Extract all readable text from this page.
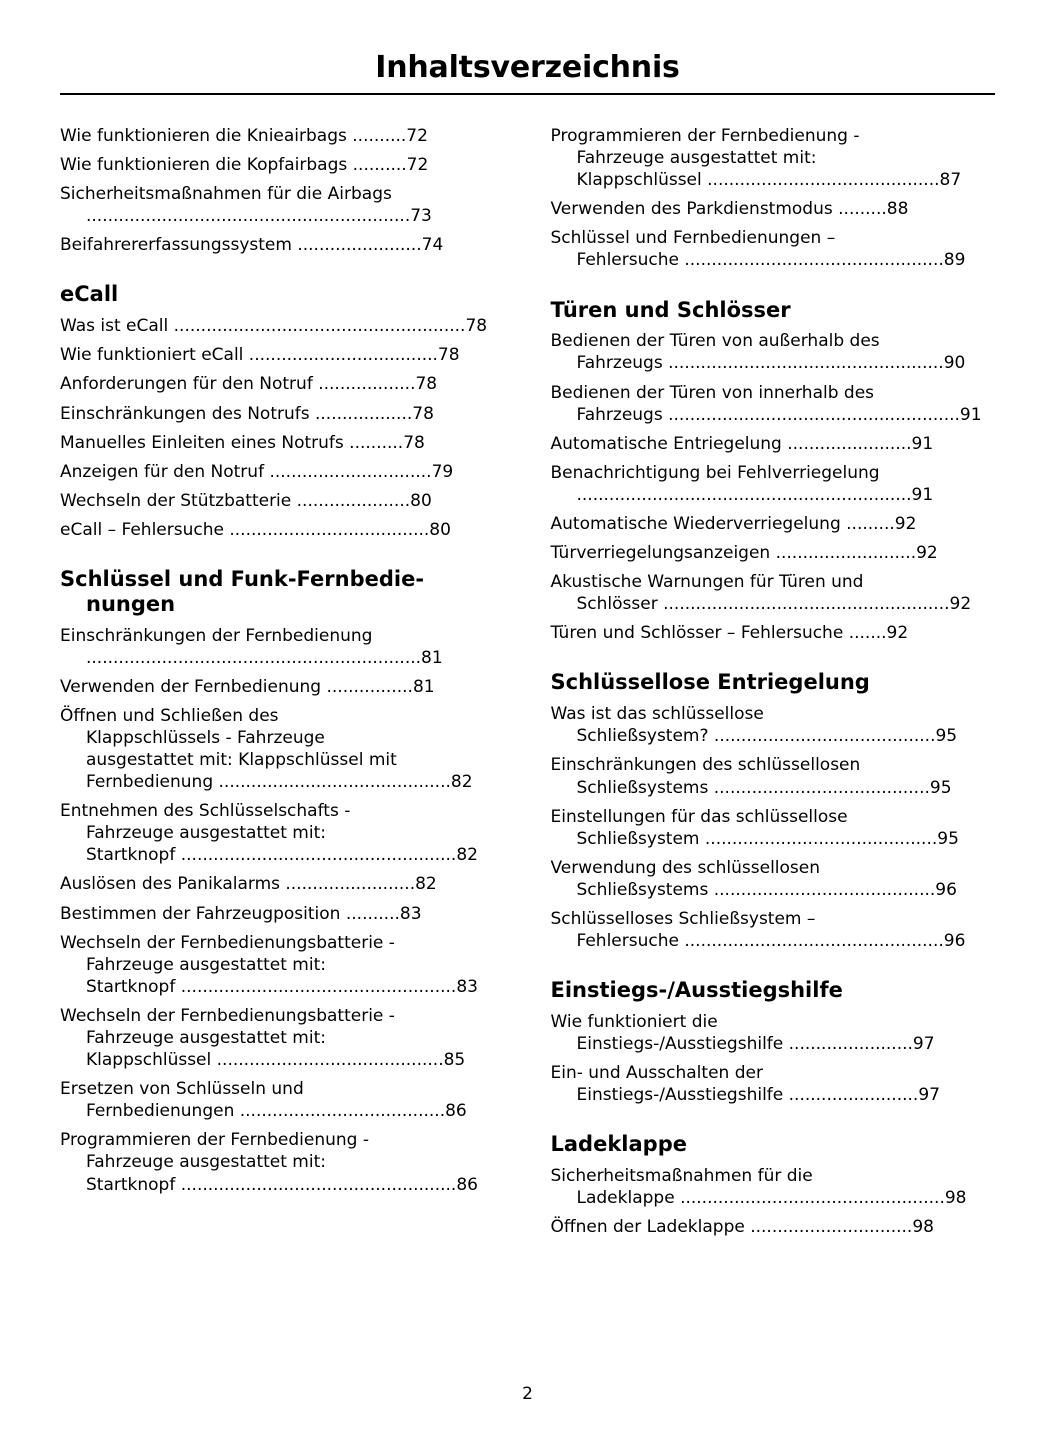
Inhaltsverzeichnis
Wie funktionieren die Knieairbags ..........72
Wie funktionieren die Kopfairbags ..........72
Sicherheitsmaßnahmen für die Airbags
............................................................73
Beifahrererfassungssystem .......................74
eCall
Was ist eCall ......................................................78
Wie funktioniert eCall ...................................78
Anforderungen für den Notruf ..................78
Einschränkungen des Notrufs ..................78
Manuelles Einleiten eines Notrufs ..........78
Anzeigen für den Notruf ..............................79
Wechseln der Stützbatterie .....................80
eCall – Fehlersuche .....................................80
Schlüssel und Funk-Fernbedie-
nungen
Einschränkungen der Fernbedienung
..............................................................81
Verwenden der Fernbedienung ................81
Öffnen und Schließen des
Klappschlüssels - Fahrzeuge
ausgestattet mit: Klappschlüssel mit
Fernbedienung ...........................................82
Entnehmen des Schlüsselschafts -
Fahrzeuge ausgestattet mit:
Startknopf ...................................................82
Auslösen des Panikalarms ........................82
Bestimmen der Fahrzeugposition ..........83
Wechseln der Fernbedienungsbatterie -
Fahrzeuge ausgestattet mit:
Startknopf ...................................................83
Wechseln der Fernbedienungsbatterie -
Fahrzeuge ausgestattet mit:
Klappschlüssel ..........................................85
Ersetzen von Schlüsseln und
Fernbedienungen ......................................86
Programmieren der Fernbedienung -
Fahrzeuge ausgestattet mit:
Startknopf ...................................................86
Programmieren der Fernbedienung -
Fahrzeuge ausgestattet mit:
Klappschlüssel ...........................................87
Verwenden des Parkdienstmodus .........88
Schlüssel und Fernbedienungen –
Fehlersuche ................................................89
Türen und Schlösser
Bedienen der Türen von außerhalb des
Fahrzeugs ...................................................90
Bedienen der Türen von innerhalb des
Fahrzeugs ......................................................91
Automatische Entriegelung .......................91
Benachrichtigung bei Fehlverriegelung
..............................................................91
Automatische Wiederverriegelung .........92
Türverriegelungsanzeigen ..........................92
Akustische Warnungen für Türen und
Schlösser .....................................................92
Türen und Schlösser – Fehlersuche .......92
Schlüssellose Entriegelung
Was ist das schlüssellose
Schließsystem? .........................................95
Einschränkungen des schlüssellosen
Schließsystems ........................................95
Einstellungen für das schlüssellose
Schließsystem ...........................................95
Verwendung des schlüssellosen
Schließsystems .........................................96
Schlüsselloses Schließsystem –
Fehlersuche ................................................96
Einstiegs-/Ausstiegshilfe
Wie funktioniert die
Einstiegs-/Ausstiegshilfe .......................97
Ein- und Ausschalten der
Einstiegs-/Ausstiegshilfe ........................97
Ladeklappe
Sicherheitsmaßnahmen für die
Ladeklappe .................................................98
Öffnen der Ladeklappe ..............................98
2
